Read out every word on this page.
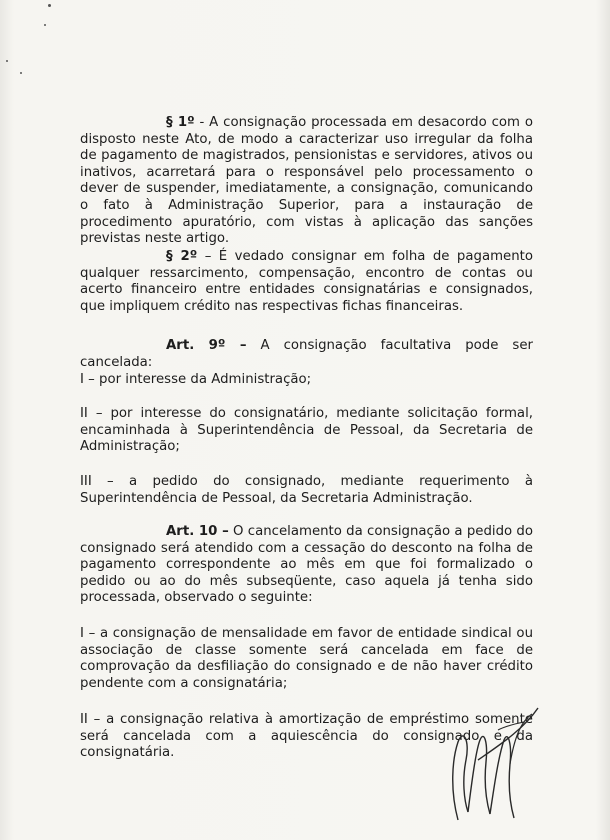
§ 1º - A consignação processada em desacordo com o disposto neste Ato, de modo a caracterizar uso irregular da folha de pagamento de magistrados, pensionistas e servidores, ativos ou inativos, acarretará para o responsável pelo processamento o dever de suspender, imediatamente, a consignação, comunicando o fato à Administração Superior, para a instauração de procedimento apuratório, com vistas à aplicação das sanções previstas neste artigo.

§ 2º – É vedado consignar em folha de pagamento qualquer ressarcimento, compensação, encontro de contas ou acerto financeiro entre entidades consignatárias e consignados, que impliquem crédito nas respectivas fichas financeiras.

Art. 9º – A consignação facultativa pode ser cancelada:

I – por interesse da Administração;

II – por interesse do consignatário, mediante solicitação formal, encaminhada à Superintendência de Pessoal, da Secretaria de Administração;

III – a pedido do consignado, mediante requerimento à Superintendência de Pessoal, da Secretaria Administração.

Art. 10 – O cancelamento da consignação a pedido do consignado será atendido com a cessação do desconto na folha de pagamento correspondente ao mês em que foi formalizado o pedido ou ao do mês subseqüente, caso aquela já tenha sido processada, observado o seguinte:

I – a consignação de mensalidade em favor de entidade sindical ou associação de classe somente será cancelada em face de comprovação da desfiliação do consignado e de não haver crédito pendente com a consignatária;

II – a consignação relativa à amortização de empréstimo somente será cancelada com a aquiescência do consignado e da consignatária.
